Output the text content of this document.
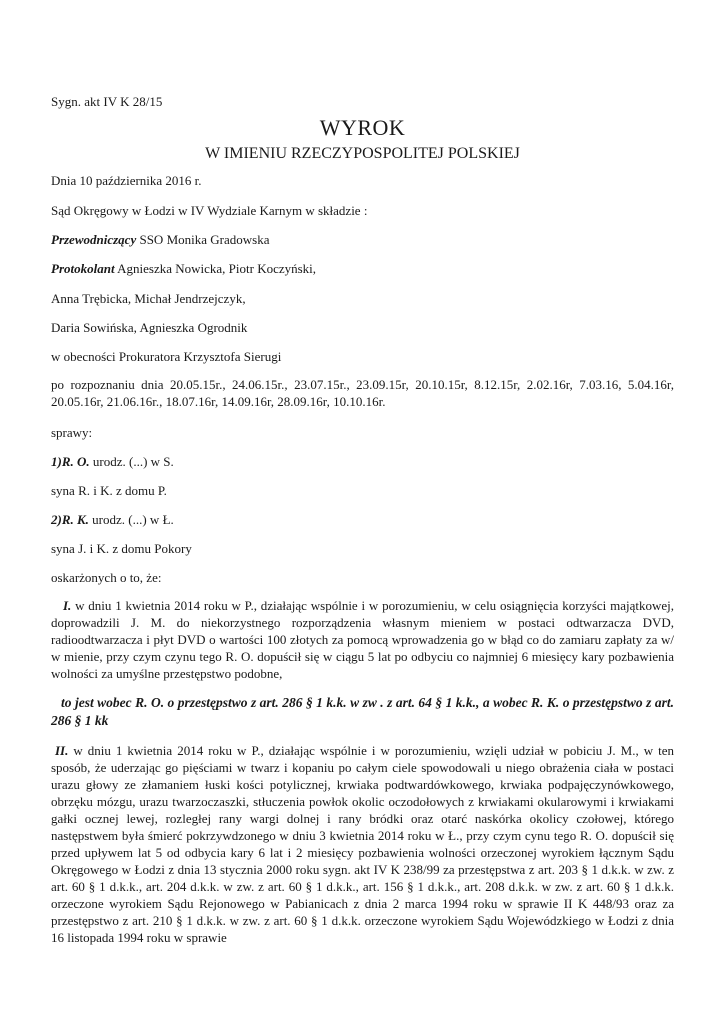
Sygn. akt IV K 28/15
WYROK
W IMIENIU RZECZYPOSPOLITEJ POLSKIEJ
Dnia 10 października 2016 r.
Sąd Okręgowy w Łodzi w IV Wydziale Karnym w składzie :
Przewodniczący SSO Monika Gradowska
Protokolant Agnieszka Nowicka, Piotr Koczyński,
Anna Trębicka, Michał Jendrzejczyk,
Daria Sowińska, Agnieszka Ogrodnik
w obecności Prokuratora Krzysztofa Sierugi
po rozpoznaniu dnia 20.05.15r., 24.06.15r., 23.07.15r., 23.09.15r, 20.10.15r, 8.12.15r, 2.02.16r, 7.03.16, 5.04.16r, 20.05.16r, 21.06.16r., 18.07.16r, 14.09.16r, 28.09.16r, 10.10.16r.
sprawy:
1)R. O. urodz. (...) w S.
syna R. i K. z domu P.
2)R. K. urodz. (...) w Ł.
syna J. i K. z domu Pokory
oskarżonych o to, że:
I. w dniu 1 kwietnia 2014 roku w P., działając wspólnie i w porozumieniu, w celu osiągnięcia korzyści majątkowej, doprowadzili J. M. do niekorzystnego rozporządzenia własnym mieniem w postaci odtwarzacza DVD, radioodtwarzacza i płyt DVD o wartości 100 złotych za pomocą wprowadzenia go w błąd co do zamiaru zapłaty za w/ w mienie, przy czym czynu tego R. O. dopuścił się w ciągu 5 lat po odbyciu co najmniej 6 miesięcy kary pozbawienia wolności za umyślne przestępstwo podobne,
to jest wobec R. O. o przestępstwo z art. 286 § 1 k.k. w zw . z art. 64 § 1 k.k., a wobec R. K. o przestępstwo z art. 286 § 1 kk
II. w dniu 1 kwietnia 2014 roku w P., działając wspólnie i w porozumieniu, wzięli udział w pobiciu J. M., w ten sposób, że uderzając go pięściami w twarz i kopaniu po całym ciele spowodowali u niego obrażenia ciała w postaci urazu głowy ze złamaniem łuski kości potylicznej, krwiaka podtwardówkowego, krwiaka podpajęczynówkowego, obrzęku mózgu, urazu twarzoczaszki, stłuczenia powłok okolic oczodołowych z krwiakami okularowymi i krwiakami gałki ocznej lewej, rozległej rany wargi dolnej i rany bródki oraz otarć naskórka okolicy czołowej, którego następstwem była śmierć pokrzywdzonego w dniu 3 kwietnia 2014 roku w Ł., przy czym cynu tego R. O. dopuścił się przed upływem lat 5 od odbycia kary 6 lat i 2 miesięcy pozbawienia wolności orzeczonej wyrokiem łącznym Sądu Okręgowego w Łodzi z dnia 13 stycznia 2000 roku sygn. akt IV K 238/99 za przestępstwa z art. 203 § 1 d.k.k. w zw. z art. 60 § 1 d.k.k., art. 204 d.k.k. w zw. z art. 60 § 1 d.k.k., art. 156 § 1 d.k.k., art. 208 d.k.k. w zw. z art. 60 § 1 d.k.k. orzeczone wyrokiem Sądu Rejonowego w Pabianicach z dnia 2 marca 1994 roku w sprawie II K 448/93 oraz za przestępstwo z art. 210 § 1 d.k.k. w zw. z art. 60 § 1 d.k.k. orzeczone wyrokiem Sądu Wojewódzkiego w Łodzi z dnia 16 listopada 1994 roku w sprawie
